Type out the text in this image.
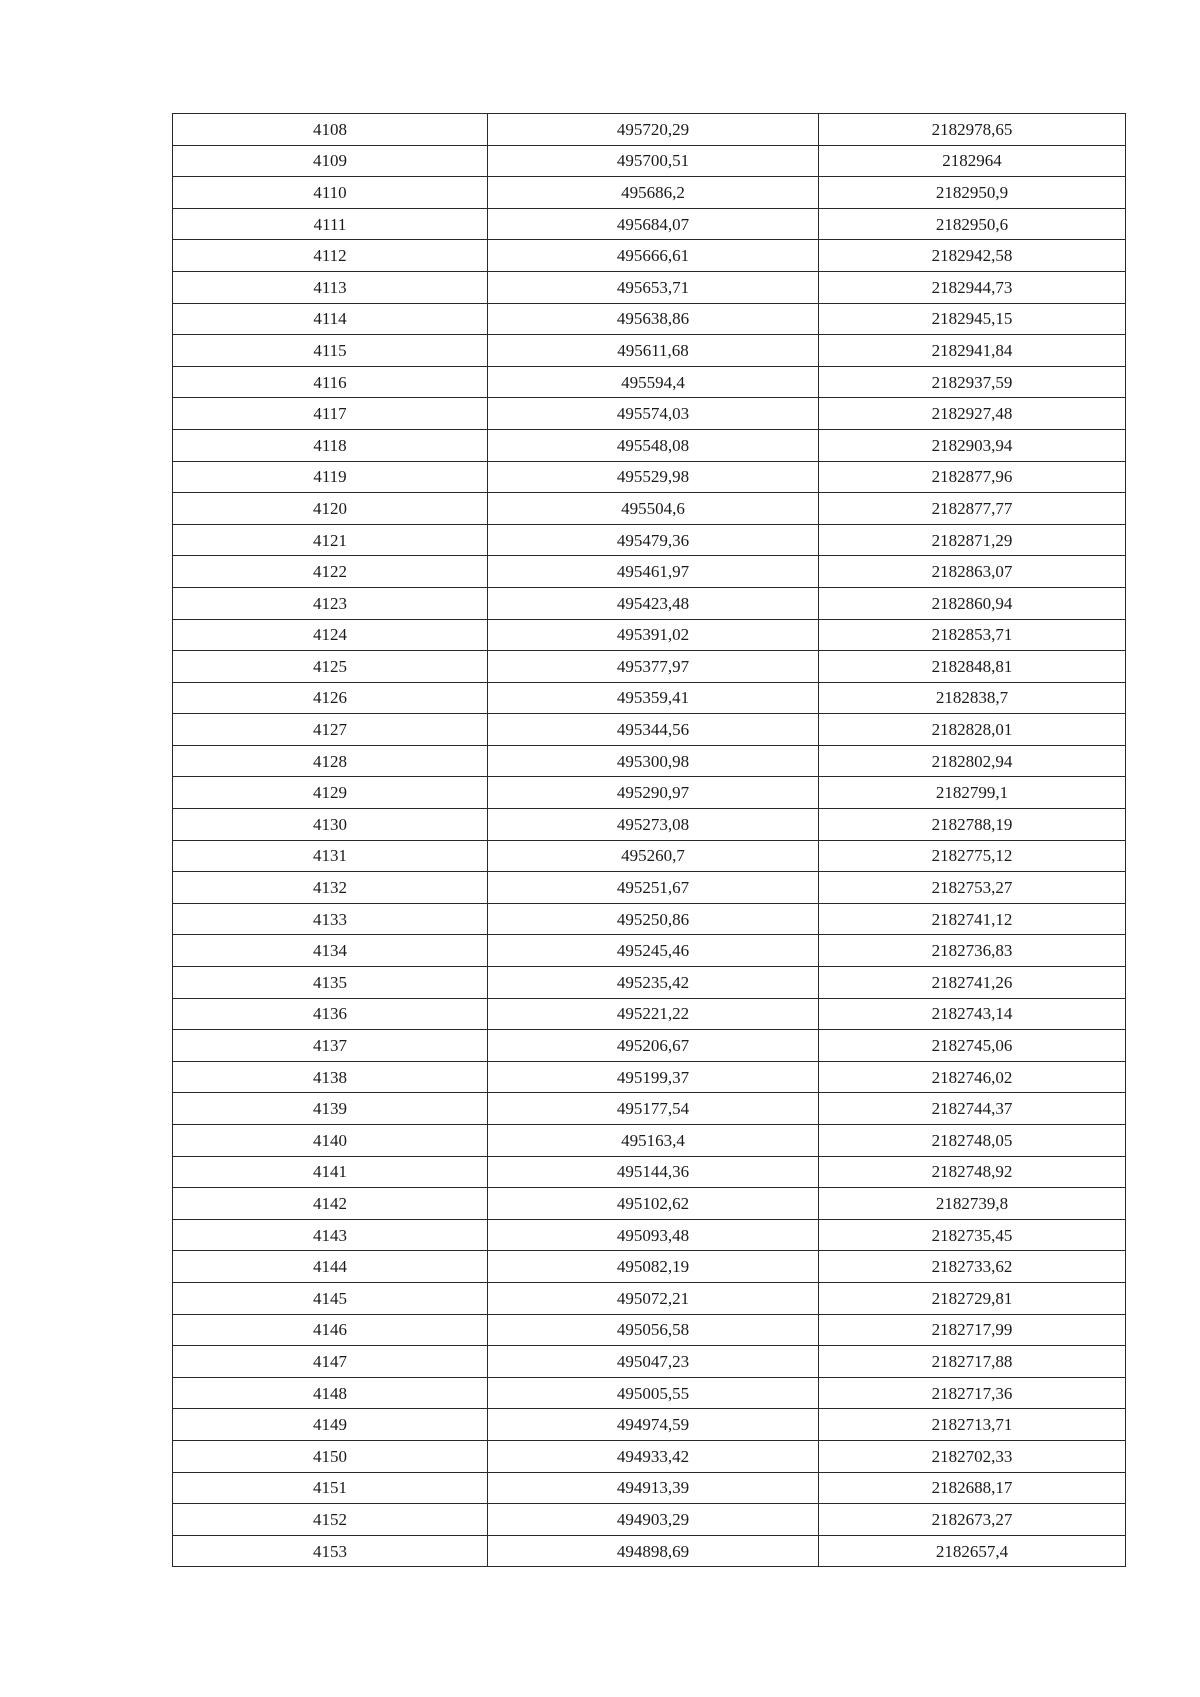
4108	495720,29	2182978,65
4109	495700,51	2182964
4110	495686,2	2182950,9
4111	495684,07	2182950,6
4112	495666,61	2182942,58
4113	495653,71	2182944,73
4114	495638,86	2182945,15
4115	495611,68	2182941,84
4116	495594,4	2182937,59
4117	495574,03	2182927,48
4118	495548,08	2182903,94
4119	495529,98	2182877,96
4120	495504,6	2182877,77
4121	495479,36	2182871,29
4122	495461,97	2182863,07
4123	495423,48	2182860,94
4124	495391,02	2182853,71
4125	495377,97	2182848,81
4126	495359,41	2182838,7
4127	495344,56	2182828,01
4128	495300,98	2182802,94
4129	495290,97	2182799,1
4130	495273,08	2182788,19
4131	495260,7	2182775,12
4132	495251,67	2182753,27
4133	495250,86	2182741,12
4134	495245,46	2182736,83
4135	495235,42	2182741,26
4136	495221,22	2182743,14
4137	495206,67	2182745,06
4138	495199,37	2182746,02
4139	495177,54	2182744,37
4140	495163,4	2182748,05
4141	495144,36	2182748,92
4142	495102,62	2182739,8
4143	495093,48	2182735,45
4144	495082,19	2182733,62
4145	495072,21	2182729,81
4146	495056,58	2182717,99
4147	495047,23	2182717,88
4148	495005,55	2182717,36
4149	494974,59	2182713,71
4150	494933,42	2182702,33
4151	494913,39	2182688,17
4152	494903,29	2182673,27
4153	494898,69	2182657,4
